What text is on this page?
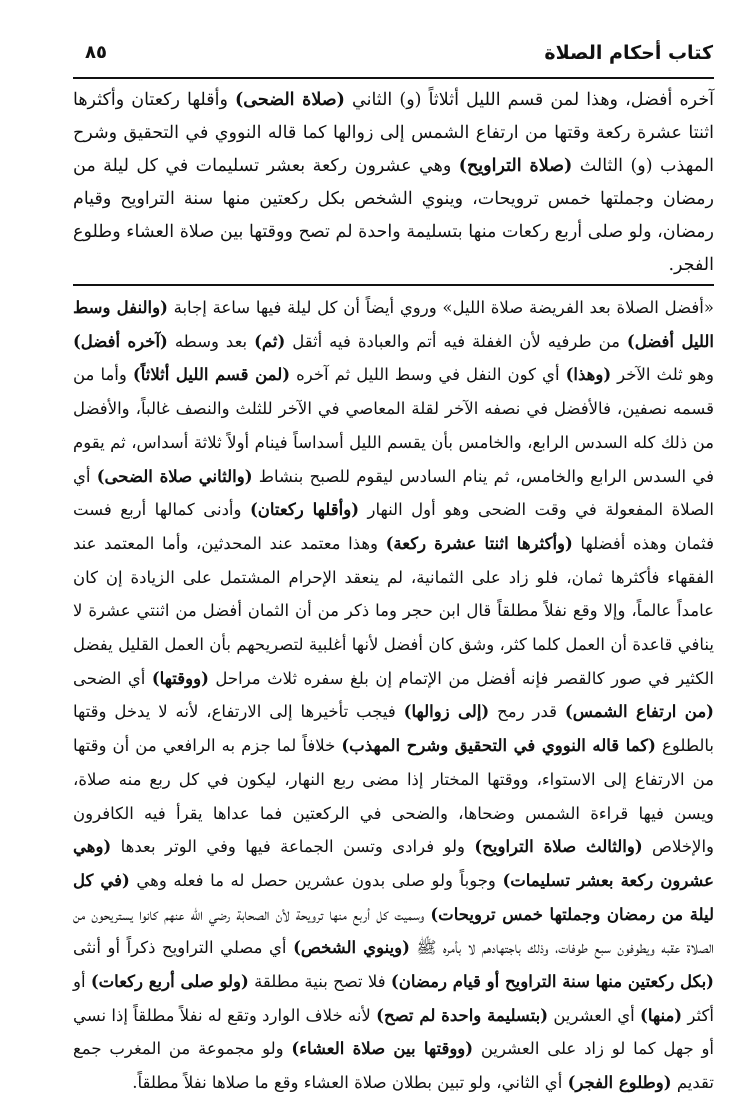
كتاب أحكام الصلاة
٨٥

آخره أفضل، وهذا لمن قسم الليل أثلاثاً (و) الثاني (صلاة الضحى) وأقلها ركعتان وأكثرها اثنتا عشرة ركعة وقتها من ارتفاع الشمس إلى زوالها كما قاله النووي في التحقيق وشرح المهذب (و) الثالث (صلاة التراويح) وهي عشرون ركعة بعشر تسليمات في كل ليلة من رمضان وجملتها خمس ترويحات، وينوي الشخص بكل ركعتين منها سنة التراويح وقيام رمضان، ولو صلى أربع ركعات منها بتسليمة واحدة لم تصح ووقتها بين صلاة العشاء وطلوع الفجر.

«أفضل الصلاة بعد الفريضة صلاة الليل» وروي أيضاً أن كل ليلة فيها ساعة إجابة (والنفل وسط الليل أفضل) من طرفيه لأن الغفلة فيه أتم والعبادة فيه أثقل (ثم) بعد وسطه (آخره أفضل) وهو ثلث الآخر (وهذا) أي كون النفل في وسط الليل ثم آخره (لمن قسم الليل أثلاثاً) وأما من قسمه نصفين، فالأفضل في نصفه الآخر لقلة المعاصي في الآخر للثلث والنصف غالباً، والأفضل من ذلك كله السدس الرابع، والخامس بأن يقسم الليل أسداساً فينام أولاً ثلاثة أسداس، ثم يقوم في السدس الرابع والخامس، ثم ينام السادس ليقوم للصبح بنشاط (والثاني صلاة الضحى) أي الصلاة المفعولة في وقت الضحى وهو أول النهار (وأقلها ركعتان) وأدنى كمالها أربع فست فثمان وهذه أفضلها (وأكثرها اثنتا عشرة ركعة) وهذا معتمد عند المحدثين، وأما المعتمد عند الفقهاء فأكثرها ثمان، فلو زاد على الثمانية، لم ينعقد الإحرام المشتمل على الزيادة إن كان عامداً عالماً، وإلا وقع نفلاً مطلقاً قال ابن حجر وما ذكر من أن الثمان أفضل من اثنتي عشرة لا ينافي قاعدة أن العمل كلما كثر، وشق كان أفضل لأنها أغلبية لتصريحهم بأن العمل القليل يفضل الكثير في صور كالقصر فإنه أفضل من الإتمام إن بلغ سفره ثلاث مراحل (ووقتها) أي الضحى (من ارتفاع الشمس) قدر رمح (إلى زوالها) فيجب تأخيرها إلى الارتفاع، لأنه لا يدخل وقتها بالطلوع (كما قاله النووي في التحقيق وشرح المهذب) خلافاً لما جزم به الرافعي من أن وقتها من الارتفاع إلى الاستواء، ووقتها المختار إذا مضى ربع النهار، ليكون في كل ربع منه صلاة، ويسن فيها قراءة الشمس وضحاها، والضحى في الركعتين فما عداها يقرأ فيه الكافرون والإخلاص (والثالث صلاة التراويح) ولو فرادى وتسن الجماعة فيها وفي الوتر بعدها (وهي عشرون ركعة بعشر تسليمات) وجوباً ولو صلى بدون عشرين حصل له ما فعله وهي (في كل ليلة من رمضان وجملتها خمس ترويحات) وسميت كل أربع منها ترويحة لأن الصحابة رضي الله عنهم كانوا يستريحون من الصلاة عقبه ويطوفون سبع طوفات، وذلك باجتهادهم لا بأمره ﷺ (وينوي الشخص) أي مصلي التراويح ذكراً أو أنثى (بكل ركعتين منها سنة التراويح أو قيام رمضان) فلا تصح بنية مطلقة (ولو صلى أربع ركعات) أو أكثر (منها) أي العشرين (بتسليمة واحدة لم تصح) لأنه خلاف الوارد وتقع له نفلاً مطلقاً إذا نسي أو جهل كما لو زاد على العشرين (ووقتها بين صلاة العشاء) ولو مجموعة من المغرب جمع تقديم (وطلوع الفجر) أي الثاني، ولو تبين بطلان صلاة العشاء وقع ما صلاها نفلاً مطلقاً.
